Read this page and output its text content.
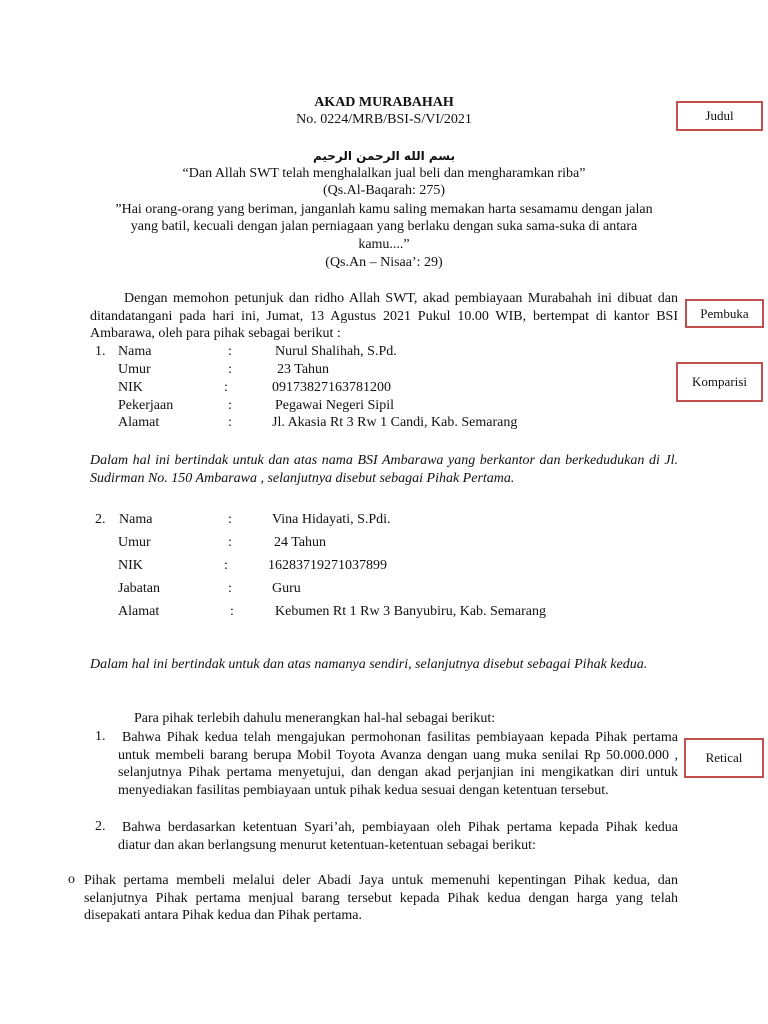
AKAD MURABAHAH
No. 0224/MRB/BSI-S/VI/2021
بسم الله الرحمن الرحيم
“Dan Allah SWT telah menghalalkan jual beli dan mengharamkan riba”
(Qs.Al-Baqarah: 275)
”Hai orang-orang yang beriman, janganlah kamu saling memakan harta sesamamu dengan jalan
yang batil, kecuali dengan jalan perniagaan yang berlaku dengan suka sama-suka di antara
kamu....”
(Qs.An – Nisaa’: 29)
Dengan memohon petunjuk dan ridho Allah SWT, akad pembiayaan Murabahah ini dibuat dan ditandatangani pada hari ini, Jumat, 13 Agustus 2021 Pukul 10.00 WIB, bertempat di kantor BSI Ambarawa, oleh para pihak sebagai berikut :
1. Nama	:	Nurul Shalihah, S.Pd.
Umur	:	23 Tahun
NIK	:	09173827163781200
Pekerjaan	:	Pegawai Negeri Sipil
Alamat	:	Jl. Akasia Rt 3 Rw 1 Candi, Kab. Semarang
Dalam hal ini bertindak untuk dan atas nama BSI Ambarawa yang berkantor dan berkedudukan di Jl. Sudirman No. 150 Ambarawa , selanjutnya disebut sebagai Pihak Pertama.
2. Nama	:	Vina Hidayati, S.Pdi.
Umur	:	24 Tahun
NIK	:	16283719271037899
Jabatan	:	Guru
Alamat	:	Kebumen Rt 1 Rw 3 Banyubiru, Kab. Semarang
Dalam hal ini bertindak untuk dan atas namanya sendiri, selanjutnya disebut sebagai Pihak kedua.
Para pihak terlebih dahulu menerangkan hal-hal sebagai berikut:
1. Bahwa Pihak kedua telah mengajukan permohonan fasilitas pembiayaan kepada Pihak pertama untuk membeli barang berupa Mobil Toyota Avanza dengan uang muka senilai Rp 50.000.000 , selanjutnya Pihak pertama menyetujui, dan dengan akad perjanjian ini mengikatkan diri untuk menyediakan fasilitas pembiayaan untuk pihak kedua sesuai dengan ketentuan tersebut.
2. Bahwa berdasarkan ketentuan Syari’ah, pembiayaan oleh Pihak pertama kepada Pihak kedua diatur dan akan berlangsung menurut ketentuan-ketentuan sebagai berikut:
o Pihak pertama membeli melalui deler Abadi Jaya untuk memenuhi kepentingan Pihak kedua, dan selanjutnya Pihak pertama menjual barang tersebut kepada Pihak kedua dengan harga yang telah disepakati antara Pihak kedua dan Pihak pertama.
Judul
Pembuka
Komparisi
Retical
